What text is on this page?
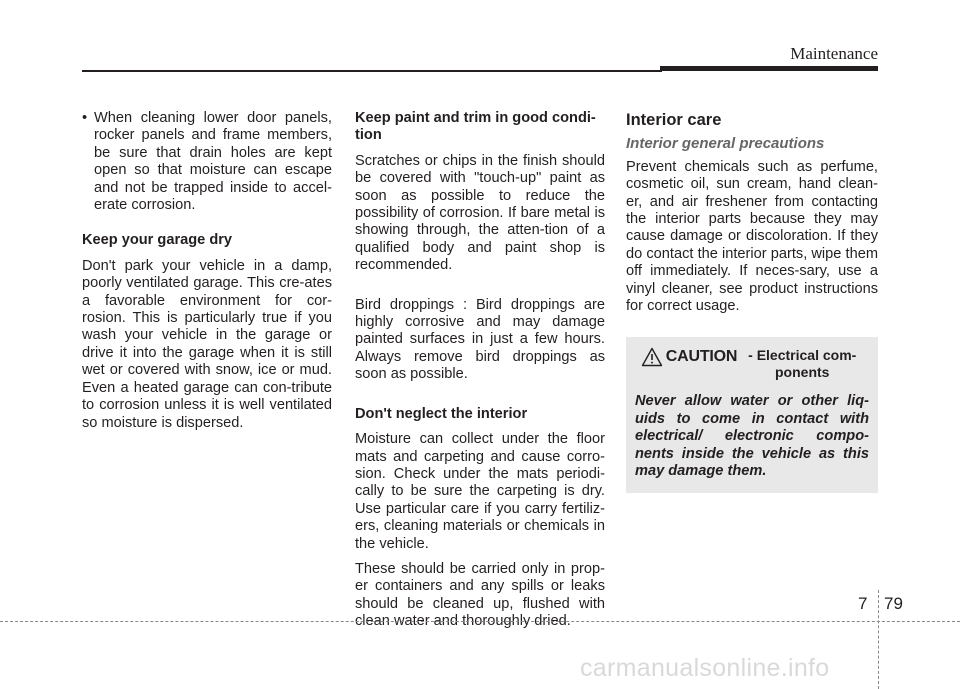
Maintenance
• When cleaning lower door panels, rocker panels and frame members, be sure that drain holes are kept open so that moisture can escape and not be trapped inside to accel-erate corrosion.

Keep your garage dry

Don't park your vehicle in a damp, poorly ventilated garage. This cre-ates a favorable environment for cor-rosion. This is particularly true if you wash your vehicle in the garage or drive it into the garage when it is still wet or covered with snow, ice or mud. Even a heated garage can con-tribute to corrosion unless it is well ventilated so moisture is dispersed.

Keep paint and trim in good condi-tion

Scratches or chips in the finish should be covered with "touch-up" paint as soon as possible to reduce the possibility of corrosion. If bare metal is showing through, the atten-tion of a qualified body and paint shop is recommended.

Bird droppings : Bird droppings are highly corrosive and may damage painted surfaces in just a few hours. Always remove bird droppings as soon as possible.

Don't neglect the interior

Moisture can collect under the floor mats and carpeting and cause corro-sion. Check under the mats periodi-cally to be sure the carpeting is dry. Use particular care if you carry fertiliz-ers, cleaning materials or chemicals in the vehicle.

These should be carried only in prop-er containers and any spills or leaks should be cleaned up, flushed with clean water and thoroughly dried.

Interior care
Interior general precautions

Prevent chemicals such as perfume, cosmetic oil, sun cream, hand clean-er, and air freshener from contacting the interior parts because they may cause damage or discoloration. If they do contact the interior parts, wipe them off immediately. If neces-sary, use a vinyl cleaner, see product instructions for correct usage.

CAUTION - Electrical com-ponents
Never allow water or other liq-uids to come in contact with electrical/ electronic compo-nents inside the vehicle as this may damage them.
7 79
carmanualsonline.info
